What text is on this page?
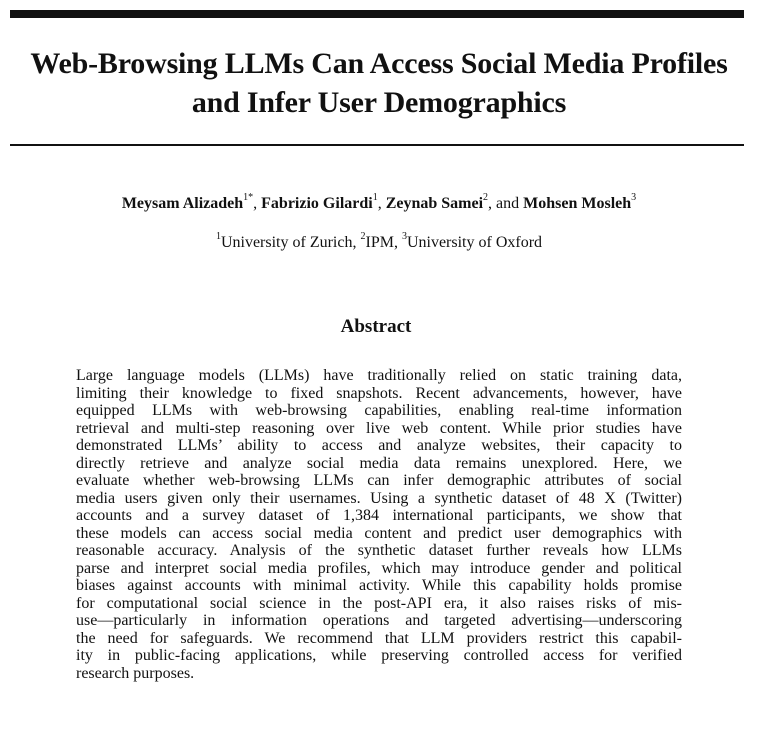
Web-Browsing LLMs Can Access Social Media Profiles
and Infer User Demographics
Meysam Alizadeh$^{1*}$, Fabrizio Gilardi$^1$, Zeynab Samei$^2$, and Mohsen Mosleh$^3$
$^1$University of Zurich, $^2$IPM, $^3$University of Oxford
Abstract
Large language models (LLMs) have traditionally relied on static training data,
limiting their knowledge to fixed snapshots. Recent advancements, however, have
equipped LLMs with web-browsing capabilities, enabling real-time information
retrieval and multi-step reasoning over live web content. While prior studies have
demonstrated LLMs’ ability to access and analyze websites, their capacity to
directly retrieve and analyze social media data remains unexplored. Here, we
evaluate whether web-browsing LLMs can infer demographic attributes of social
media users given only their usernames. Using a synthetic dataset of 48 X (Twitter)
accounts and a survey dataset of 1,384 international participants, we show that
these models can access social media content and predict user demographics with
reasonable accuracy. Analysis of the synthetic dataset further reveals how LLMs
parse and interpret social media profiles, which may introduce gender and political
biases against accounts with minimal activity. While this capability holds promise
for computational social science in the post-API era, it also raises risks of mis-
use—particularly in information operations and targeted advertising—underscoring
the need for safeguards. We recommend that LLM providers restrict this capabil-
ity in public-facing applications, while preserving controlled access for verified
research purposes.
